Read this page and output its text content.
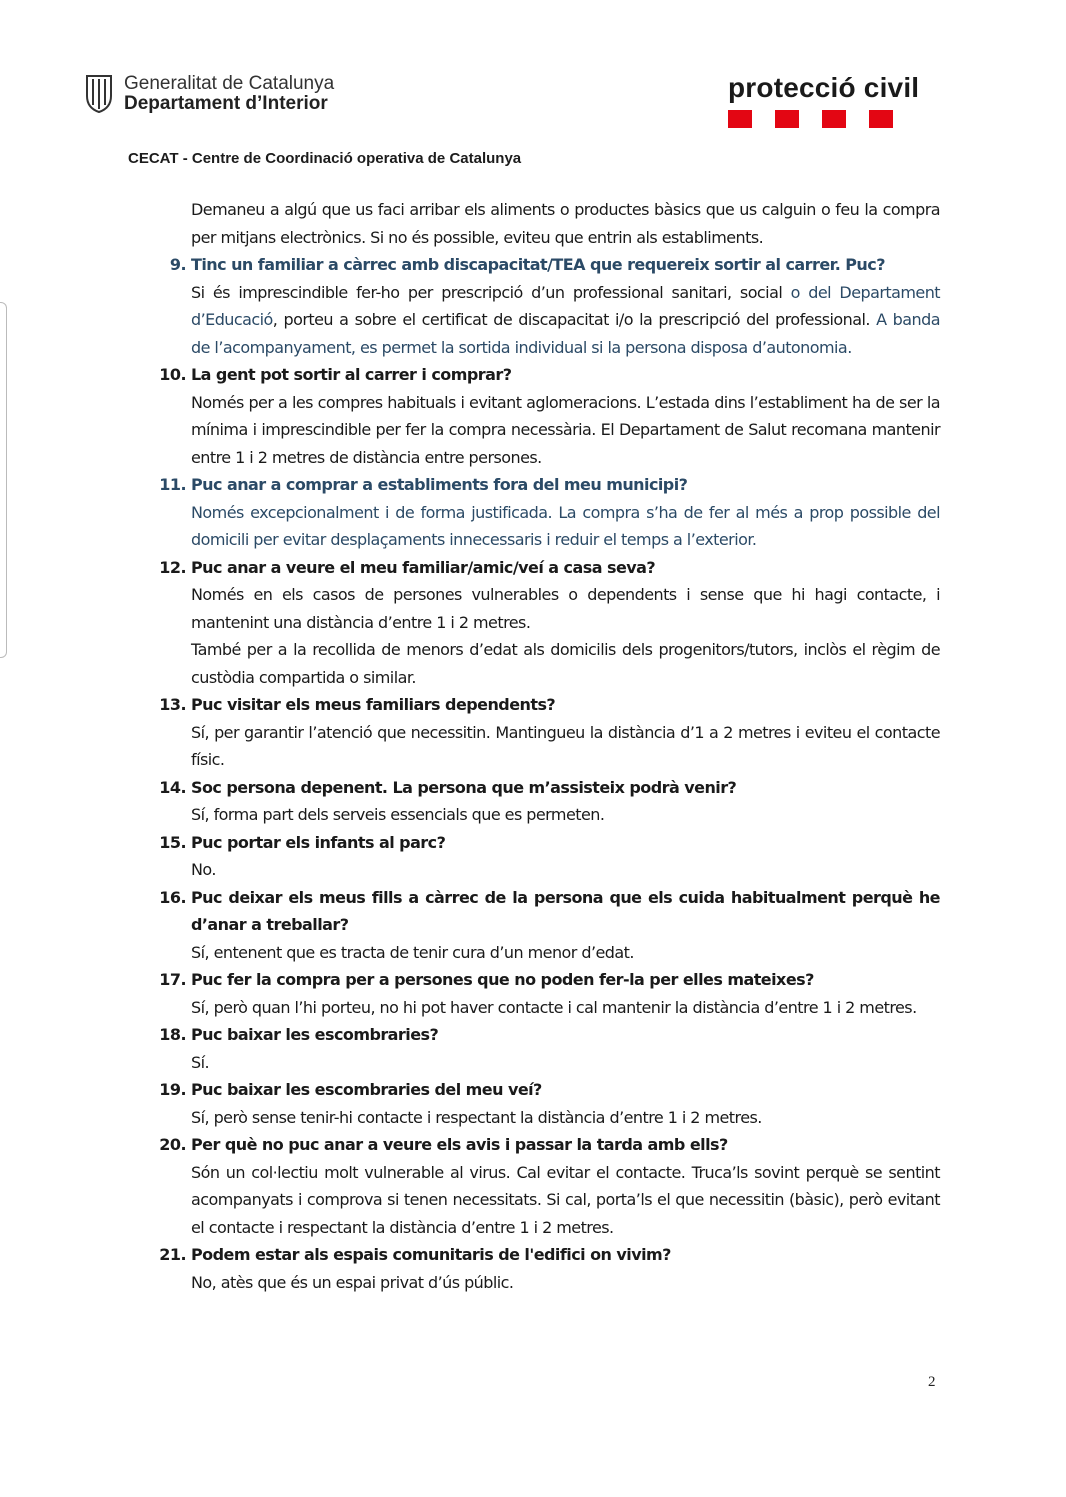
Generalitat de Catalunya
Departament d’Interior
protecció civil
CECAT - Centre de Coordinació operativa de Catalunya

Demaneu a algú que us faci arribar els aliments o productes bàsics que us calguin o feu la compra per mitjans electrònics. Si no és possible, eviteu que entrin als establiments.

9. Tinc un familiar a càrrec amb discapacitat/TEA que requereix sortir al carrer. Puc?

Si és imprescindible fer-ho per prescripció d’un professional sanitari, social o del Departament d’Educació, porteu a sobre el certificat de discapacitat i/o la prescripció del professional. A banda de l’acompanyament, es permet la sortida individual si la persona disposa d’autonomia.

10. La gent pot sortir al carrer i comprar?

Només per a les compres habituals i evitant aglomeracions. L’estada dins l’establiment ha de ser la mínima i imprescindible per fer la compra necessària. El Departament de Salut recomana mantenir entre 1 i 2 metres de distància entre persones.

11. Puc anar a comprar a establiments fora del meu municipi?

Només excepcionalment i de forma justificada. La compra s’ha de fer al més a prop possible del domicili per evitar desplaçaments innecessaris i reduir el temps a l’exterior.

12. Puc anar a veure el meu familiar/amic/veí a casa seva?

Només en els casos de persones vulnerables o dependents i sense que hi hagi contacte, i mantenint una distància d’entre 1 i 2 metres.

També per a la recollida de menors d’edat als domicilis dels progenitors/tutors, inclòs el règim de custòdia compartida o similar.

13. Puc visitar els meus familiars dependents?

Sí, per garantir l’atenció que necessitin. Mantingueu la distància d’1 a 2 metres i eviteu el contacte físic.

14. Soc persona depenent. La persona que m’assisteix podrà venir?

Sí, forma part dels serveis essencials que es permeten.

15. Puc portar els infants al parc?

No.

16. Puc deixar els meus fills a càrrec de la persona que els cuida habitualment perquè he d’anar a treballar?

Sí, entenent que es tracta de tenir cura d’un menor d’edat.

17. Puc fer la compra per a persones que no poden fer-la per elles mateixes?

Sí, però quan l’hi porteu, no hi pot haver contacte i cal mantenir la distància d’entre 1 i 2 metres.

18. Puc baixar les escombraries?

Sí.

19. Puc baixar les escombraries del meu veí?

Sí, però sense tenir-hi contacte i respectant la distància d’entre 1 i 2 metres.

20. Per què no puc anar a veure els avis i passar la tarda amb ells?

Són un col·lectiu molt vulnerable al virus. Cal evitar el contacte. Truca’ls sovint perquè se sentint acompanyats i comprova si tenen necessitats. Si cal, porta’ls el que necessitin (bàsic), però evitant el contacte i respectant la distància d’entre 1 i 2 metres.

21. Podem estar als espais comunitaris de l'edifici on vivim?

No, atès que és un espai privat d’ús públic.

2
